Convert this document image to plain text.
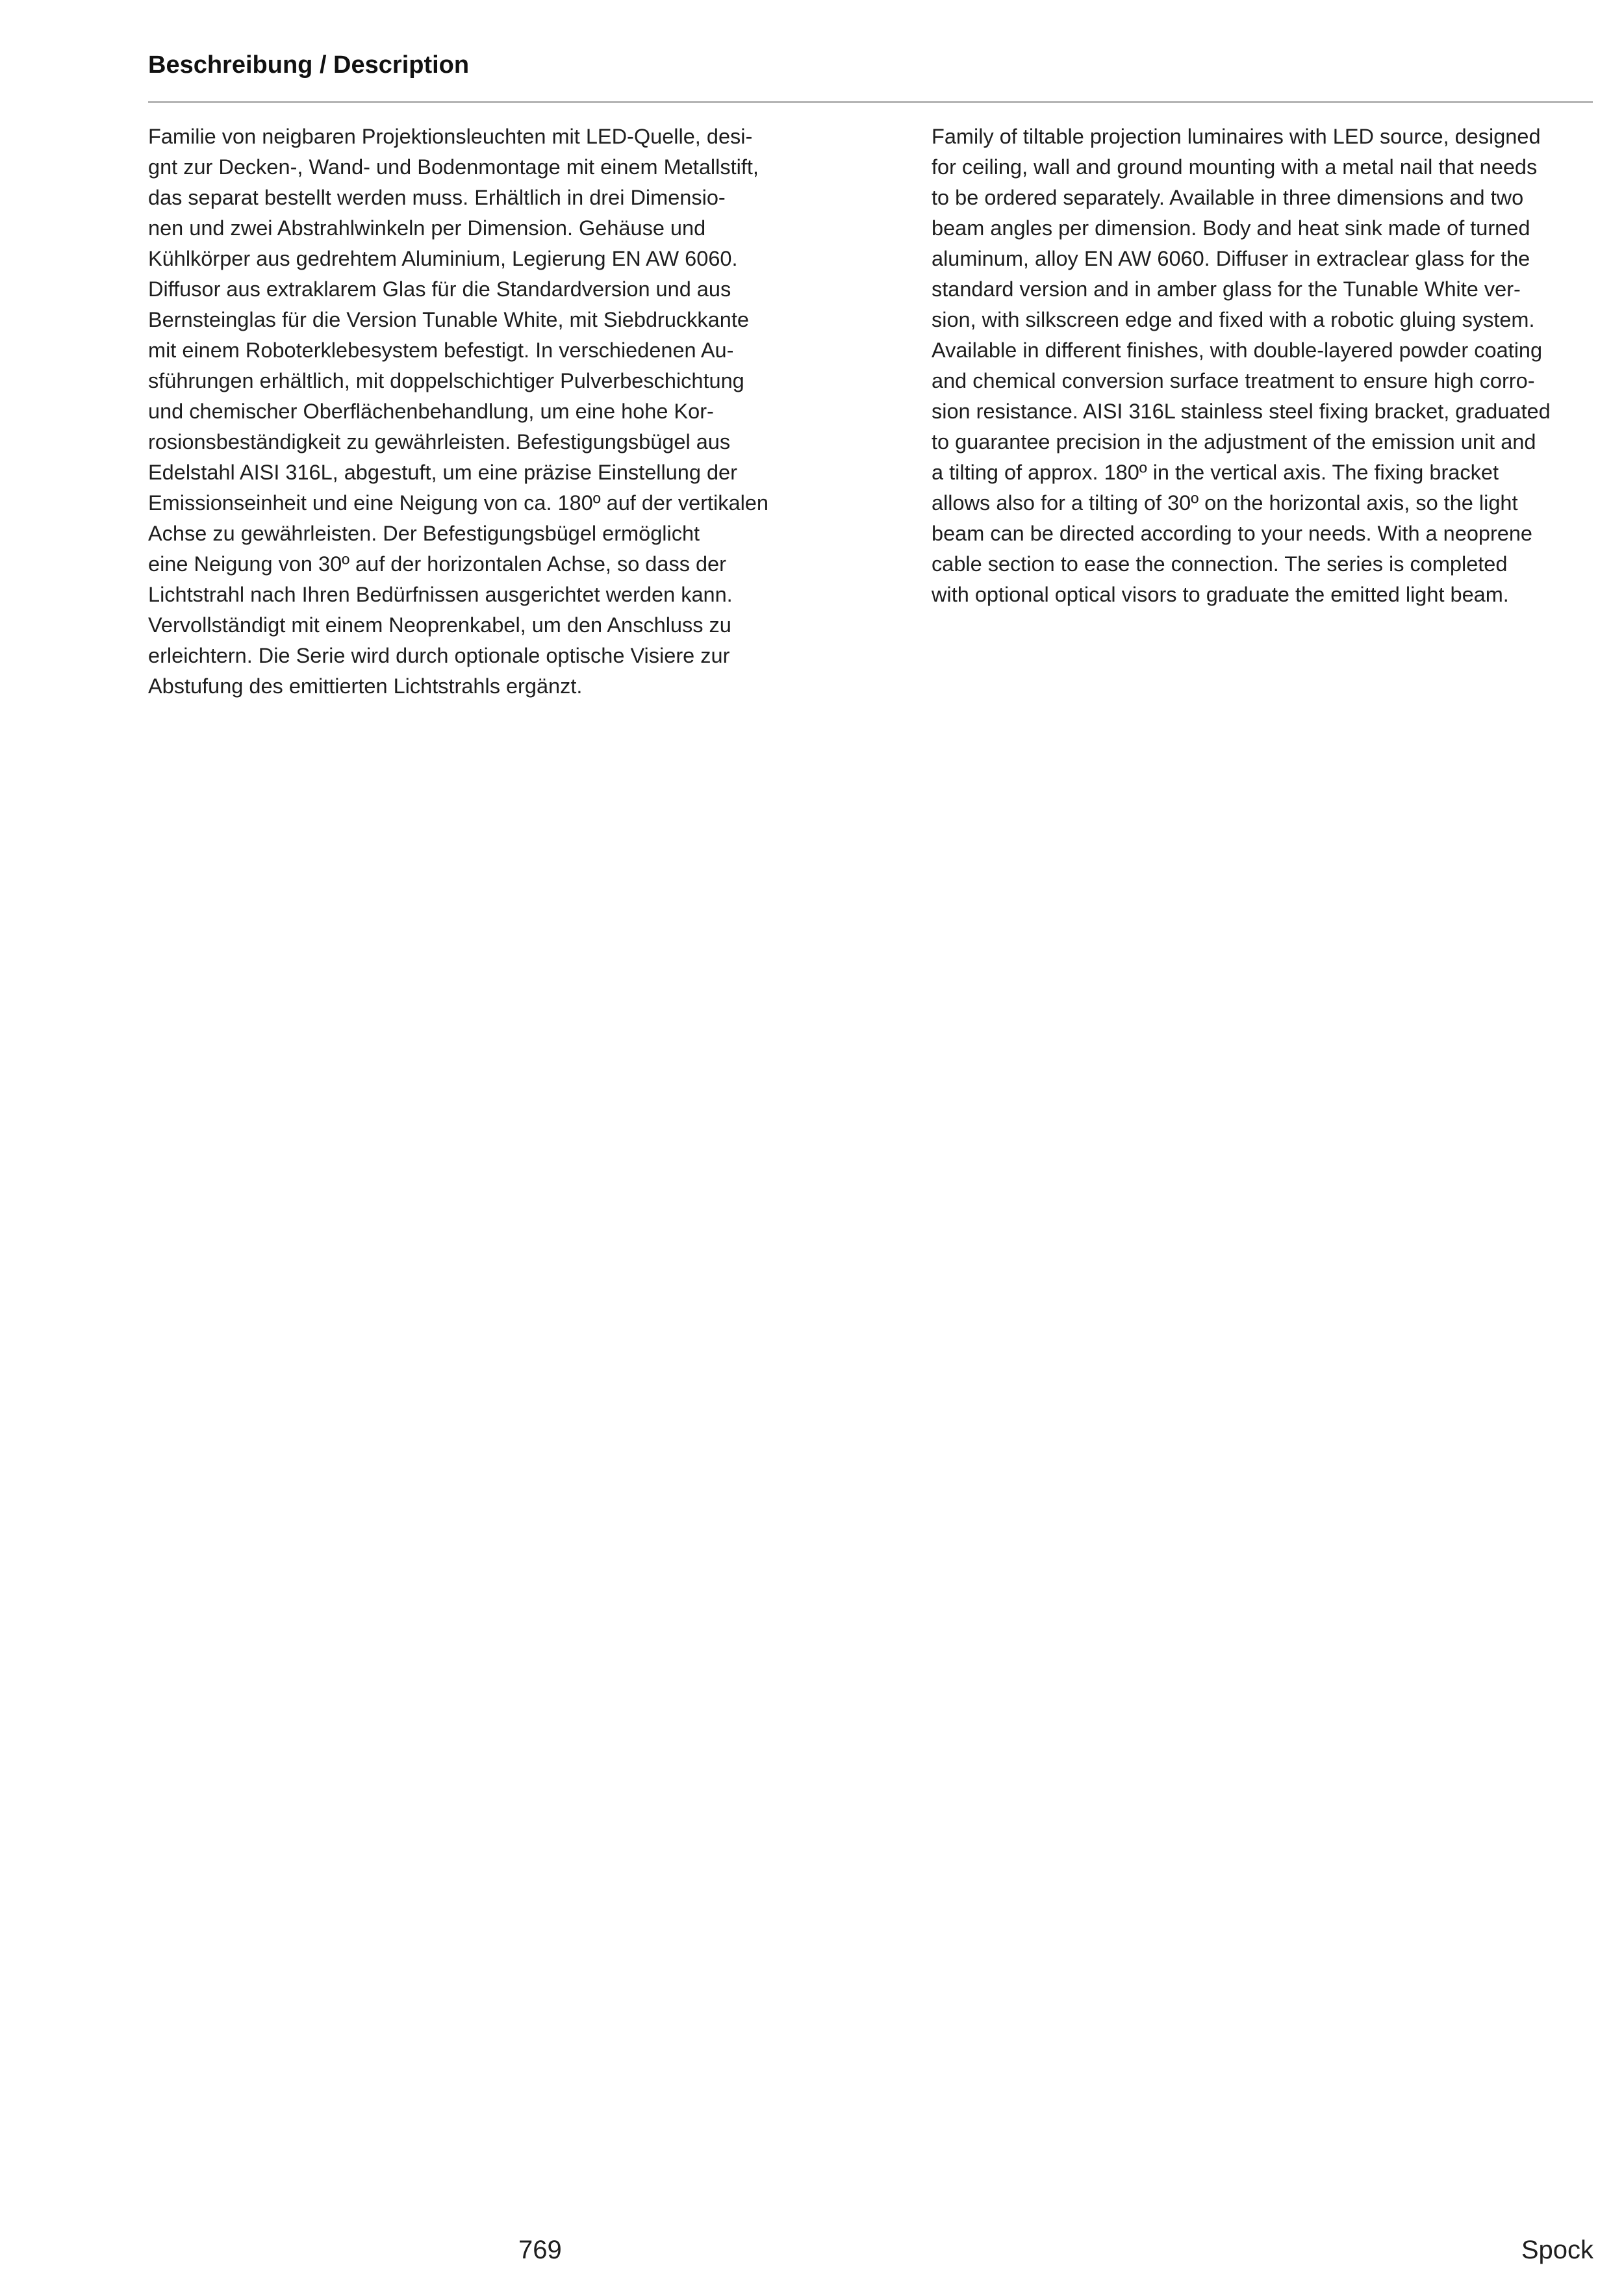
Beschreibung / Description
Familie von neigbaren Projektionsleuchten mit LED-Quelle, desi-
gnt zur Decken-, Wand- und Bodenmontage mit einem Metallstift,
das separat bestellt werden muss. Erhältlich in drei Dimensio-
nen und zwei Abstrahlwinkeln per Dimension. Gehäuse und
Kühlkörper aus gedrehtem Aluminium, Legierung EN AW 6060.
Diffusor aus extraklarem Glas für die Standardversion und aus
Bernsteinglas für die Version Tunable White, mit Siebdruckkante
mit einem Roboterklebesystem befestigt. In verschiedenen Au-
sführungen erhältlich, mit doppelschichtiger Pulverbeschichtung
und chemischer Oberflächenbehandlung, um eine hohe Kor-
rosionsbeständigkeit zu gewährleisten. Befestigungsbügel aus
Edelstahl AISI 316L, abgestuft, um eine präzise Einstellung der
Emissionseinheit und eine Neigung von ca. 180º auf der vertikalen
Achse zu gewährleisten. Der Befestigungsbügel ermöglicht
eine Neigung von 30º auf der horizontalen Achse, so dass der
Lichtstrahl nach Ihren Bedürfnissen ausgerichtet werden kann.
Vervollständigt mit einem Neoprenkabel, um den Anschluss zu
erleichtern. Die Serie wird durch optionale optische Visiere zur
Abstufung des emittierten Lichtstrahls ergänzt.
Family of tiltable projection luminaires with LED source, designed
for ceiling, wall and ground mounting with a metal nail that needs
to be ordered separately. Available in three dimensions and two
beam angles per dimension. Body and heat sink made of turned
aluminum, alloy EN AW 6060. Diffuser in extraclear glass for the
standard version and in amber glass for the Tunable White ver-
sion, with silkscreen edge and fixed with a robotic gluing system.
Available in different finishes, with double-layered powder coating
and chemical conversion surface treatment to ensure high corro-
sion resistance. AISI 316L stainless steel fixing bracket, graduated
to guarantee precision in the adjustment of the emission unit and
a tilting of approx. 180º in the vertical axis. The fixing bracket
allows also for a tilting of 30º on the horizontal axis, so the light
beam can be directed according to your needs. With a neoprene
cable section to ease the connection. The series is completed
with optional optical visors to graduate the emitted light beam.
769	Spock
